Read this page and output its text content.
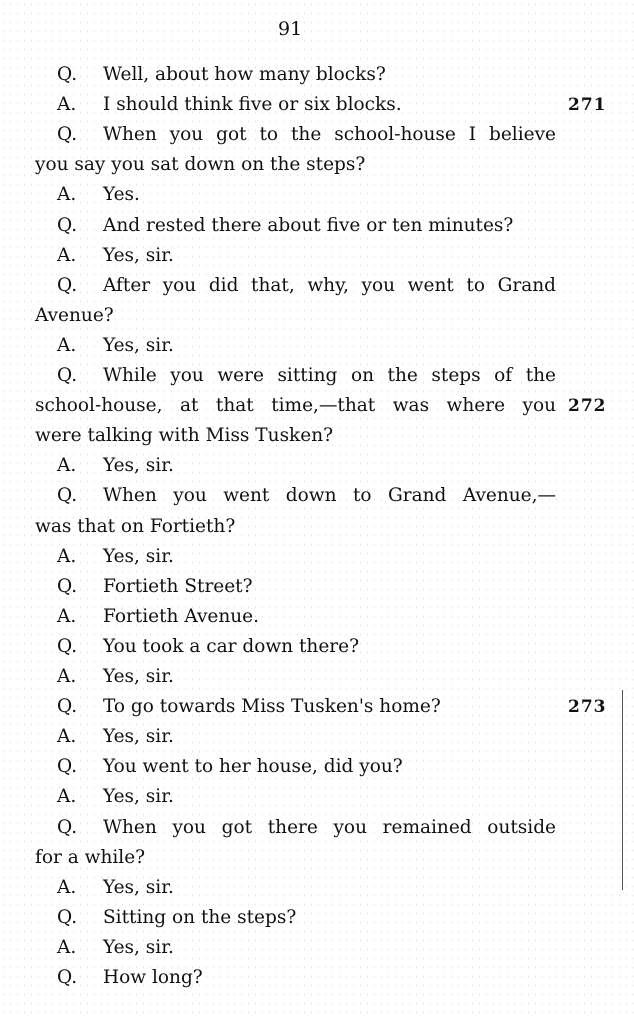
91
Q. Well, about how many blocks?
A. I should think five or six blocks.	271
Q. When you got to the school-house I believe
you say you sat down on the steps?
A. Yes.
Q. And rested there about five or ten minutes?
A. Yes, sir.
Q. After you did that, why, you went to Grand
Avenue?
A. Yes, sir.
Q. While you were sitting on the steps of the
school-house, at that time,—that was where you 272
were talking with Miss Tusken?
A. Yes, sir.
Q. When you went down to Grand Avenue,—
was that on Fortieth?
A. Yes, sir.
Q. Fortieth Street?
A. Fortieth Avenue.
Q. You took a car down there?
A. Yes, sir.
Q. To go towards Miss Tusken's home?	273
A. Yes, sir.
Q. You went to her house, did you?
A. Yes, sir.
Q. When you got there you remained outside
for a while?
A. Yes, sir.
Q. Sitting on the steps?
A. Yes, sir.
Q. How long?
